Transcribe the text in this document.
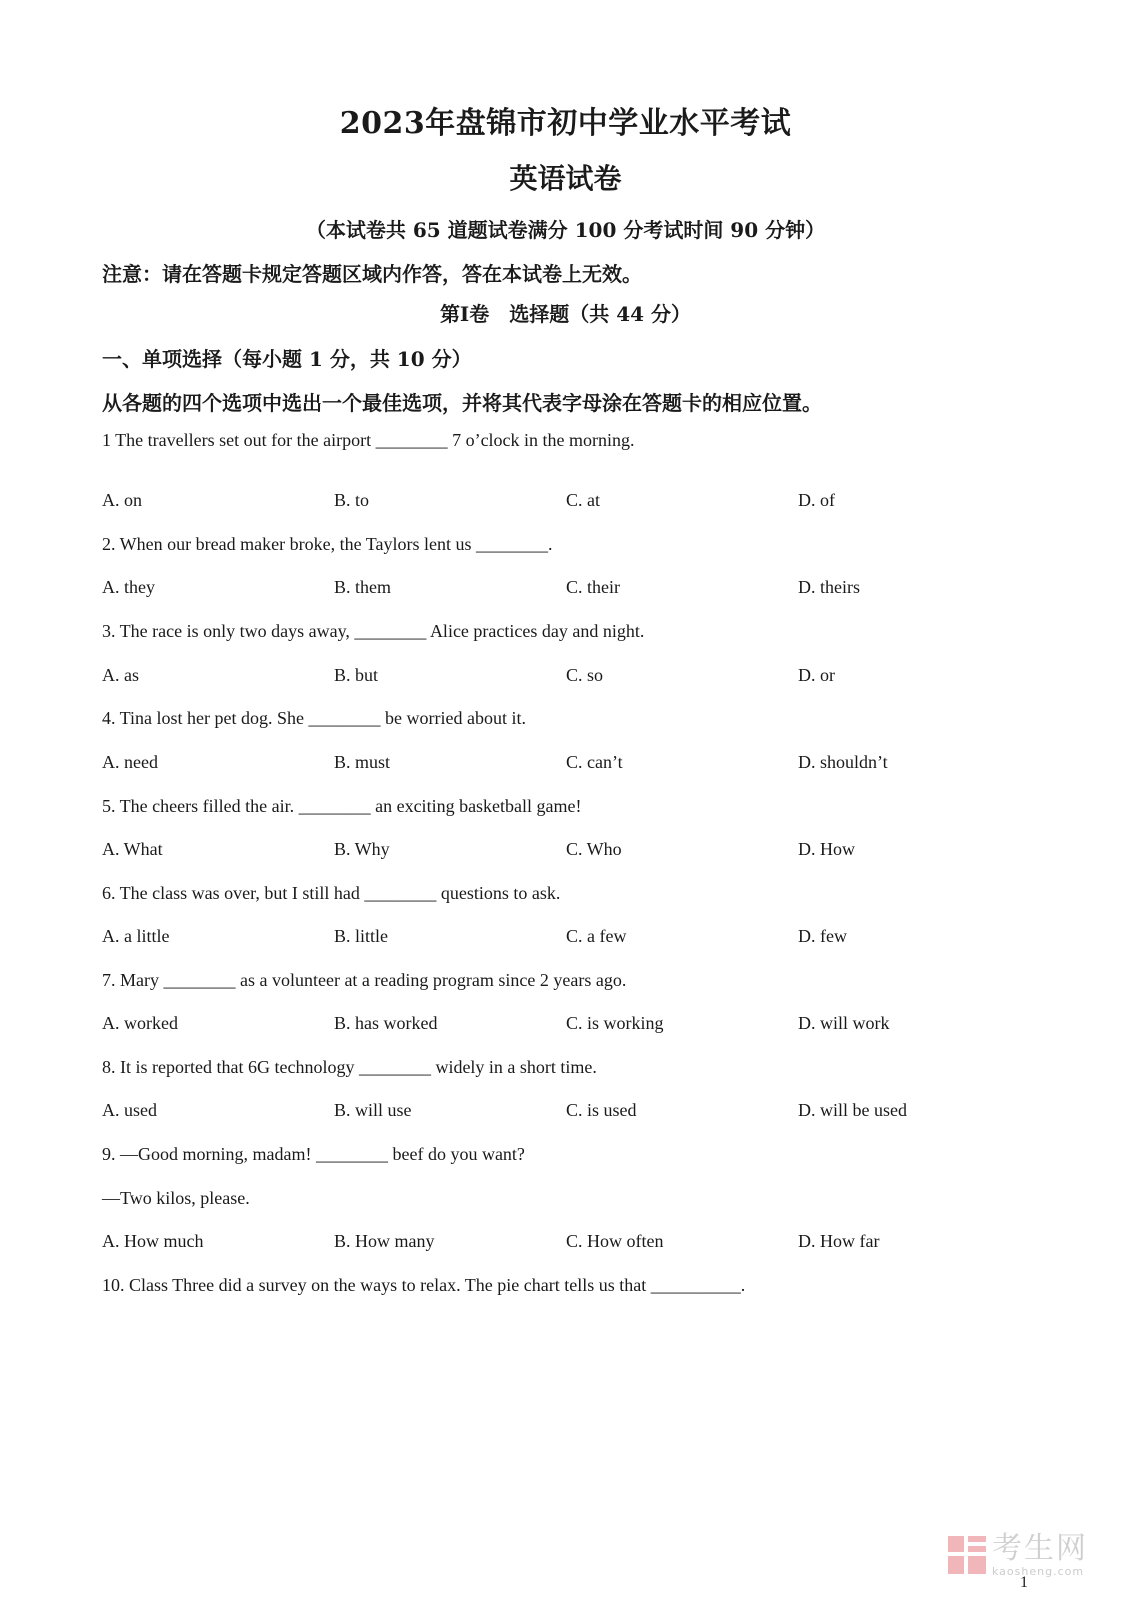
2023年盘锦市初中学业水平考试
英语试卷
（本试卷共 65 道题试卷满分 100 分考试时间 90 分钟）
注意：请在答题卡规定答题区域内作答，答在本试卷上无效。
第Ⅰ卷　选择题（共 44 分）
一、单项选择（每小题 1 分，共 10 分）
从各题的四个选项中选出一个最佳选项，并将其代表字母涂在答题卡的相应位置。
1 The travellers set out for the airport ________ 7 o’clock in the morning.
A. on	B. to	C. at	D. of
2. When our bread maker broke, the Taylors lent us ________.
A. they	B. them	C. their	D. theirs
3. The race is only two days away, ________ Alice practices day and night.
A. as	B. but	C. so	D. or
4. Tina lost her pet dog. She ________ be worried about it.
A. need	B. must	C. can’t	D. shouldn’t
5. The cheers filled the air. ________ an exciting basketball game!
A. What	B. Why	C. Who	D. How
6. The class was over, but I still had ________ questions to ask.
A. a little	B. little	C. a few	D. few
7. Mary ________ as a volunteer at a reading program since 2 years ago.
A. worked	B. has worked	C. is working	D. will work
8. It is reported that 6G technology ________ widely in a short time.
A. used	B. will use	C. is used	D. will be used
9. —Good morning, madam! ________ beef do you want?
—Two kilos, please.
A. How much	B. How many	C. How often	D. How far
10. Class Three did a survey on the ways to relax. The pie chart tells us that __________.
考生网
kaosheng.com
1
